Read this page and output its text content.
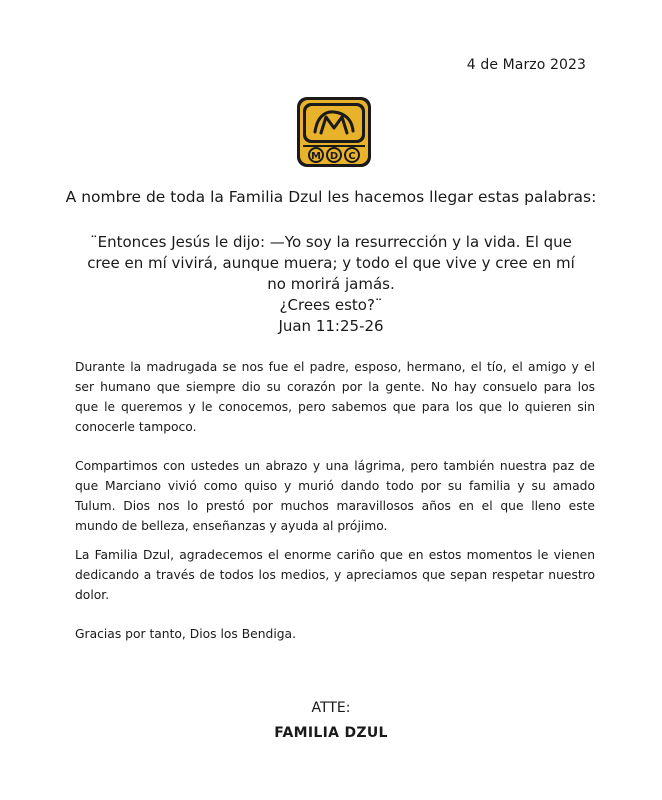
4 de Marzo 2023
M D C
A nombre de toda la Familia Dzul les hacemos llegar estas palabras:
¨Entonces Jesús le dijo: —Yo soy la resurrección y la vida. El que
cree en mí vivirá, aunque muera; y todo el que vive y cree en mí
no morirá jamás.
¿Crees esto?¨
Juan 11:25-26
Durante la madrugada se nos fue el padre, esposo, hermano, el tío, el amigo y el
ser humano que siempre dio su corazón por la gente. No hay consuelo para los
que le queremos y le conocemos, pero sabemos que para los que lo quieren sin
conocerle tampoco.
Compartimos con ustedes un abrazo y una lágrima, pero también nuestra paz de
que Marciano vivió como quiso y murió dando todo por su familia y su amado
Tulum. Dios nos lo prestó por muchos maravillosos años en el que lleno este
mundo de belleza, enseñanzas y ayuda al prójimo.
La Familia Dzul, agradecemos el enorme cariño que en estos momentos le vienen
dedicando a través de todos los medios, y apreciamos que sepan respetar nuestro
dolor.
Gracias por tanto, Dios los Bendiga.
ATTE:
FAMILIA DZUL
